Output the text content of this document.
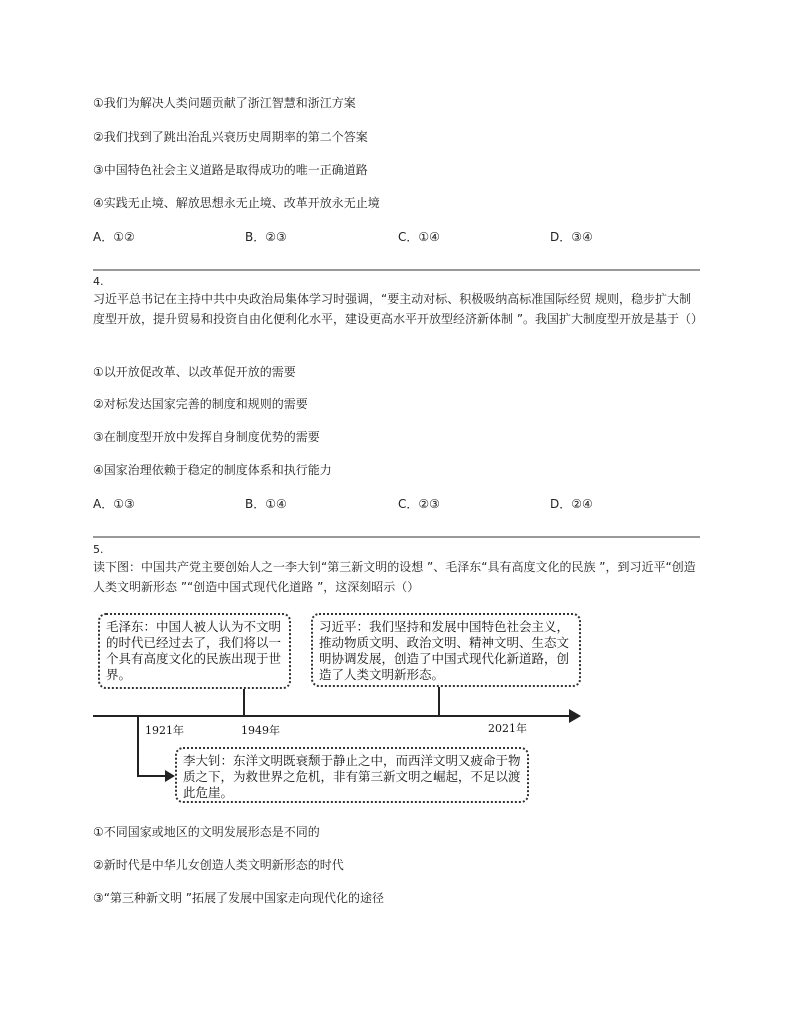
①我们为解决人类问题贡献了浙江智慧和浙江方案
②我们找到了跳出治乱兴衰历史周期率的第二个答案
③中国特色社会主义道路是取得成功的唯一正确道路
④实践无止境、解放思想永无止境、改革开放永无止境
A．①②	B．②③	C．①④	D．③④
4.
习近平总书记在主持中共中央政治局集体学习时强调，“要主动对标、积极吸纳高标准国际经贸 规则，稳步扩大制度型开放，提升贸易和投资自由化便利化水平，建设更高水平开放型经济新体制 ”。我国扩大制度型开放是基于（）
①以开放促改革、以改革促开放的需要
②对标发达国家完善的制度和规则的需要
③在制度型开放中发挥自身制度优势的需要
④国家治理依赖于稳定的制度体系和执行能力
A．①③	B．①④	C．②③	D．②④
5.
读下图：中国共产党主要创始人之一李大钊“第三新文明的设想 ”、毛泽东“具有高度文化的民族 ”，到习近平“创造人类文明新形态 ”“创造中国式现代化道路 ”，这深刻昭示（）
毛泽东：中国人被人认为不文明的时代已经过去了，我们将以一个具有高度文化的民族出现于世界。
习近平：我们坚持和发展中国特色社会主义，推动物质文明、政治文明、精神文明、生态文明协调发展，创造了中国式现代化新道路，创造了人类文明新形态。
1921年	1949年	2021年
李大钊：东洋文明既衰颓于静止之中，而西洋文明又疲命于物质之下，为救世界之危机，非有第三新文明之崛起，不足以渡此危崖。
①不同国家或地区的文明发展形态是不同的
②新时代是中华儿女创造人类文明新形态的时代
③“第三种新文明 ”拓展了发展中国家走向现代化的途径
